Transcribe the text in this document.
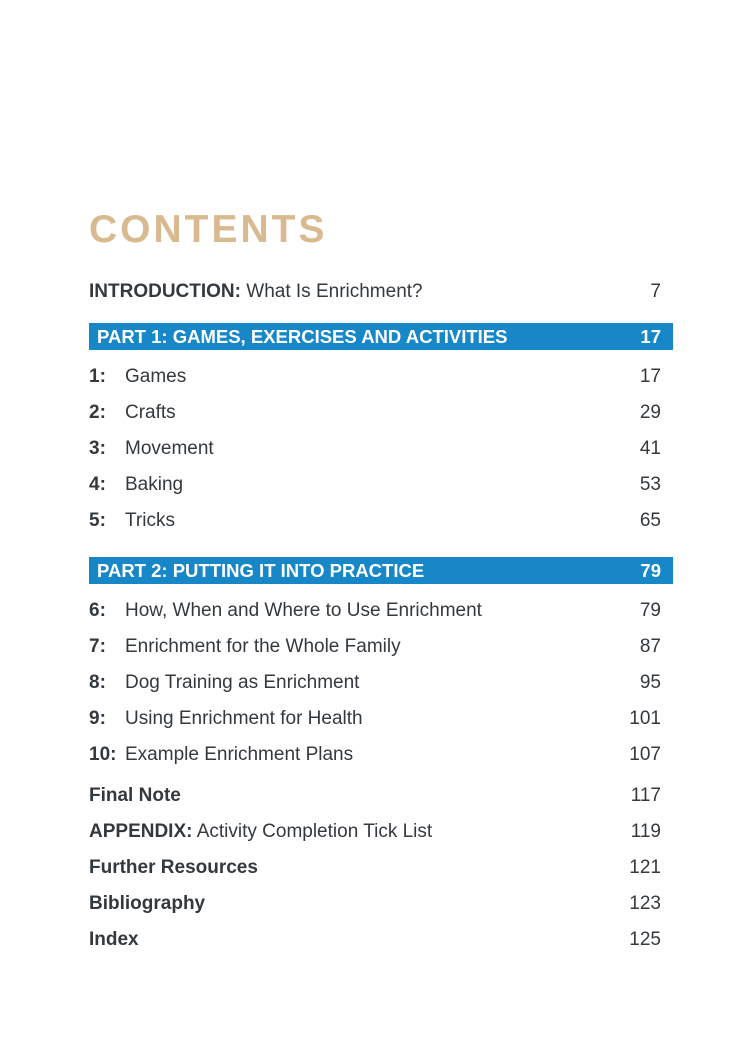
CONTENTS
INTRODUCTION: What Is Enrichment?	7
PART 1: GAMES, EXERCISES AND ACTIVITIES	17
1: Games	17
2: Crafts	29
3: Movement	41
4: Baking	53
5: Tricks	65
PART 2: PUTTING IT INTO PRACTICE	79
6: How, When and Where to Use Enrichment	79
7: Enrichment for the Whole Family	87
8: Dog Training as Enrichment	95
9: Using Enrichment for Health	101
10: Example Enrichment Plans	107
Final Note	117
APPENDIX: Activity Completion Tick List	119
Further Resources	121
Bibliography	123
Index	125
